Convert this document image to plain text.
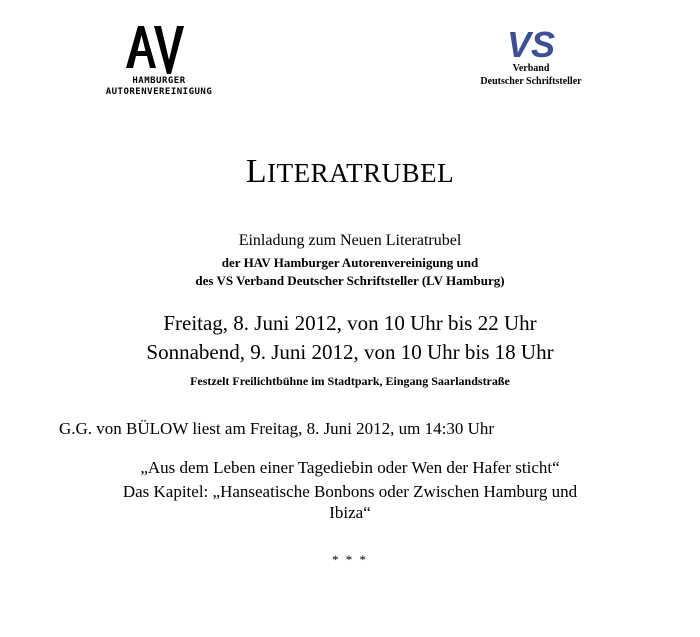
HAMBURGER
AUTORENVEREINIGUNG
VS
Verband
Deutscher Schriftsteller
LITERATRUBEL
Einladung zum Neuen Literatrubel
der HAV Hamburger Autorenvereinigung und
des VS Verband Deutscher Schriftsteller (LV Hamburg)
Freitag, 8. Juni 2012, von 10 Uhr bis 22 Uhr
Sonnabend, 9. Juni 2012, von 10 Uhr bis 18 Uhr
Festzelt Freilichtbühne im Stadtpark, Eingang Saarlandstraße
G.G. von BÜLOW liest am Freitag, 8. Juni 2012, um 14:30 Uhr
„Aus dem Leben einer Tagediebin oder Wen der Hafer sticht“
Das Kapitel: „Hanseatische Bonbons oder Zwischen Hamburg und
Ibiza“
* * *
